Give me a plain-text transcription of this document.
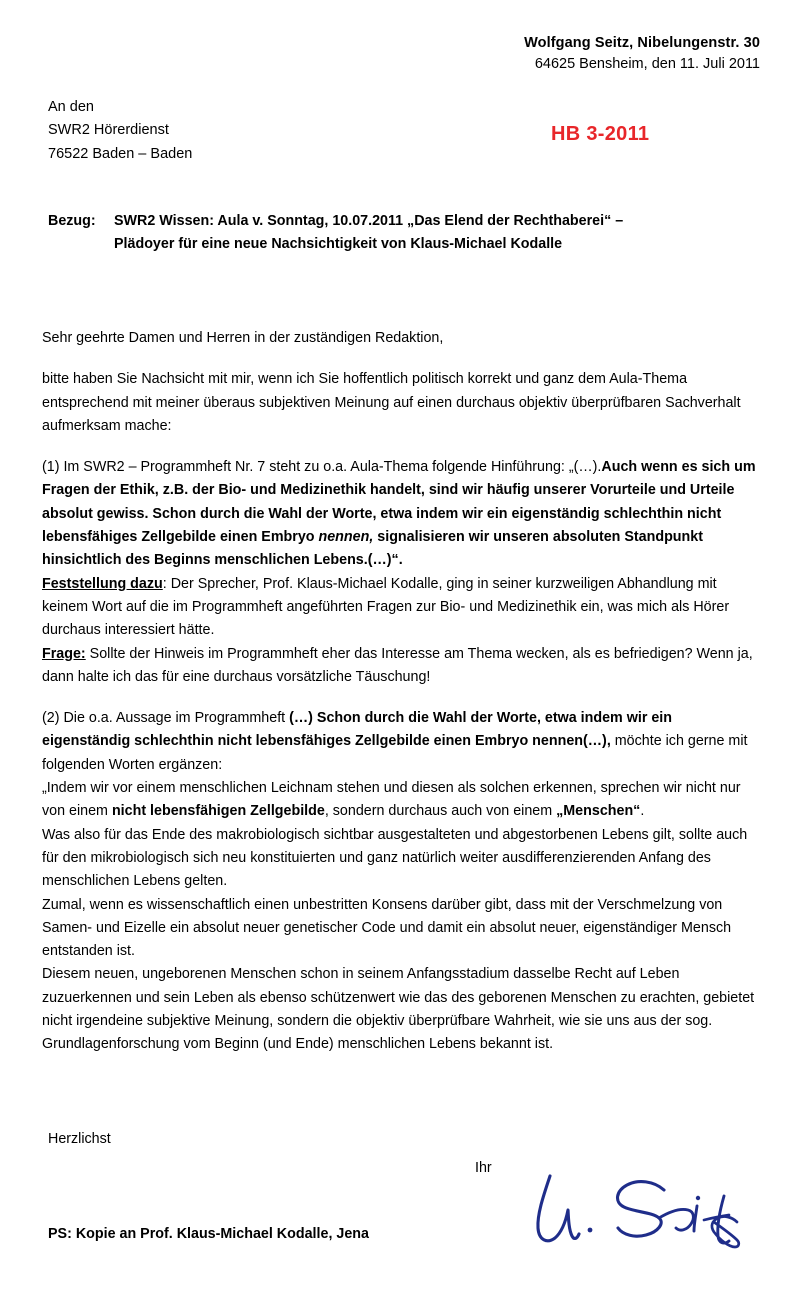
Wolfgang Seitz, Nibelungenstr. 30
64625 Bensheim, den 11. Juli 2011
An den
SWR2 Hörerdienst
76522 Baden – Baden
HB 3-2011
Bezug:	SWR2 Wissen: Aula v. Sonntag, 10.07.2011 „Das Elend der Rechthaberei“ – Plädoyer für eine neue Nachsichtigkeit von Klaus-Michael Kodalle

Sehr geehrte Damen und Herren in der zuständigen Redaktion,

bitte haben Sie Nachsicht mit mir, wenn ich Sie hoffentlich politisch korrekt und ganz dem Aula-Thema entsprechend mit meiner überaus subjektiven Meinung auf einen durchaus objektiv überprüfbaren Sachverhalt aufmerksam mache:

(1) Im SWR2 – Programmheft Nr. 7 steht zu o.a. Aula-Thema folgende Hinführung: „(…).Auch wenn es sich um Fragen der Ethik, z.B. der Bio- und Medizinethik handelt, sind wir häufig unserer Vorurteile und Urteile absolut gewiss. Schon durch die Wahl der Worte, etwa indem wir ein eigenständig schlechthin nicht lebensfähiges Zellgebilde einen Embryo nennen, signalisieren wir unseren absoluten Standpunkt hinsichtlich des Beginns menschlichen Lebens.(…)“.
Feststellung dazu: Der Sprecher, Prof. Klaus-Michael Kodalle, ging in seiner kurzweiligen Abhandlung mit keinem Wort auf die im Programmheft angeführten Fragen zur Bio- und Medizinethik ein, was mich als Hörer durchaus interessiert hätte.
Frage: Sollte der Hinweis im Programmheft eher das Interesse am Thema wecken, als es befriedigen? Wenn ja, dann halte ich das für eine durchaus vorsätzliche Täuschung!

(2) Die o.a. Aussage im Programmheft (…) Schon durch die Wahl der Worte, etwa indem wir ein eigenständig schlechthin nicht lebensfähiges Zellgebilde einen Embryo nennen(…), möchte ich gerne mit folgenden Worten ergänzen:
„Indem wir vor einem menschlichen Leichnam stehen und diesen als solchen erkennen, sprechen wir nicht nur von einem nicht lebensfähigen Zellgebilde, sondern durchaus auch von einem „Menschen“.
Was also für das Ende des makrobiologisch sichtbar ausgestalteten und abgestorbenen Lebens gilt, sollte auch für den mikrobiologisch sich neu konstituierten und ganz natürlich weiter ausdifferenzierenden Anfang des menschlichen Lebens gelten.
Zumal, wenn es wissenschaftlich einen unbestritten Konsens darüber gibt, dass mit der Verschmelzung von Samen- und Eizelle ein absolut neuer genetischer Code und damit ein absolut neuer, eigenständiger Mensch entstanden ist.
Diesem neuen, ungeborenen Menschen schon in seinem Anfangsstadium dasselbe Recht auf Leben zuzuerkennen und sein Leben als ebenso schützenwert wie das des geborenen Menschen zu erachten, gebietet nicht irgendeine subjektive Meinung, sondern die objektiv überprüfbare Wahrheit, wie sie uns aus der sog. Grundlagenforschung vom Beginn (und Ende) menschlichen Lebens bekannt ist.

Herzlichst
Ihr
PS: Kopie an Prof. Klaus-Michael Kodalle, Jena
